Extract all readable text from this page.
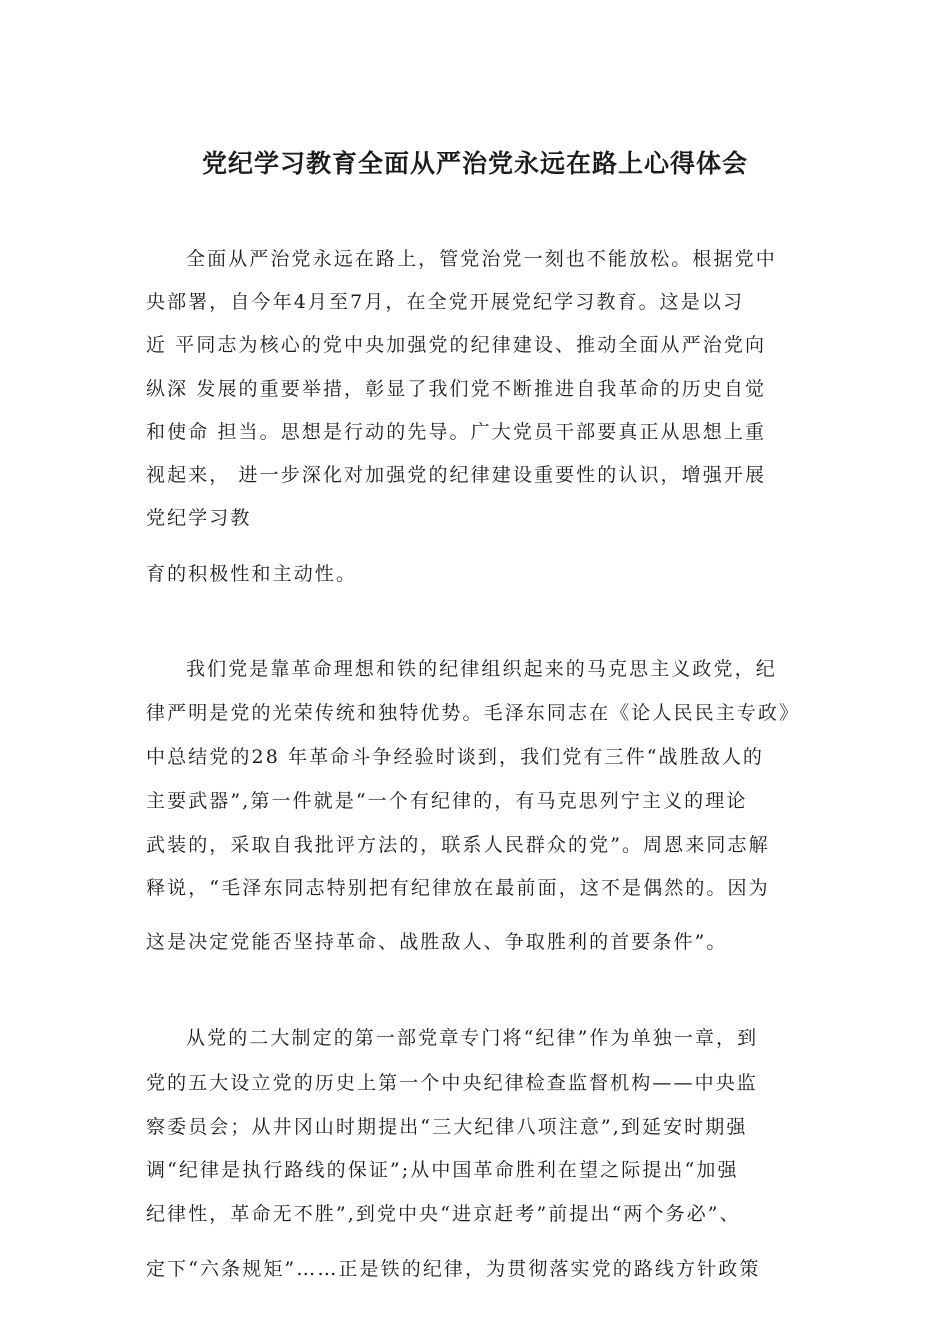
党纪学习教育全面从严治党永远在路上心得体会
全面从严治党永远在路上，管党治党一刻也不能放松。根据党中
央部署，自今年4月至7月，在全党开展党纪学习教育。这是以习
近 平同志为核心的党中央加强党的纪律建设、推动全面从严治党向
纵深 发展的重要举措，彰显了我们党不断推进自我革命的历史自觉
和使命 担当。思想是行动的先导。广大党员干部要真正从思想上重
视起来， 进一步深化对加强党的纪律建设重要性的认识，增强开展
党纪学习教
育的积极性和主动性。
我们党是靠革命理想和铁的纪律组织起来的马克思主义政党，纪
律严明是党的光荣传统和独特优势。毛泽东同志在《论人民民主专政》
中总结党的28 年革命斗争经验时谈到，我们党有三件“战胜敌人的
主要武器”,第一件就是“一个有纪律的，有马克思列宁主义的理论
武装的，采取自我批评方法的，联系人民群众的党”。周恩来同志解
释说，“毛泽东同志特别把有纪律放在最前面，这不是偶然的。因为
这是决定党能否坚持革命、战胜敌人、争取胜利的首要条件”。
从党的二大制定的第一部党章专门将“纪律”作为单独一章，到
党的五大设立党的历史上第一个中央纪律检查监督机构——中央监
察委员会；从井冈山时期提出“三大纪律八项注意”,到延安时期强
调“纪律是执行路线的保证”;从中国革命胜利在望之际提出“加强
纪律性，革命无不胜”,到党中央“进京赶考”前提出“两个务必”、
定下“六条规矩”……正是铁的纪律，为贯彻落实党的路线方针政策
